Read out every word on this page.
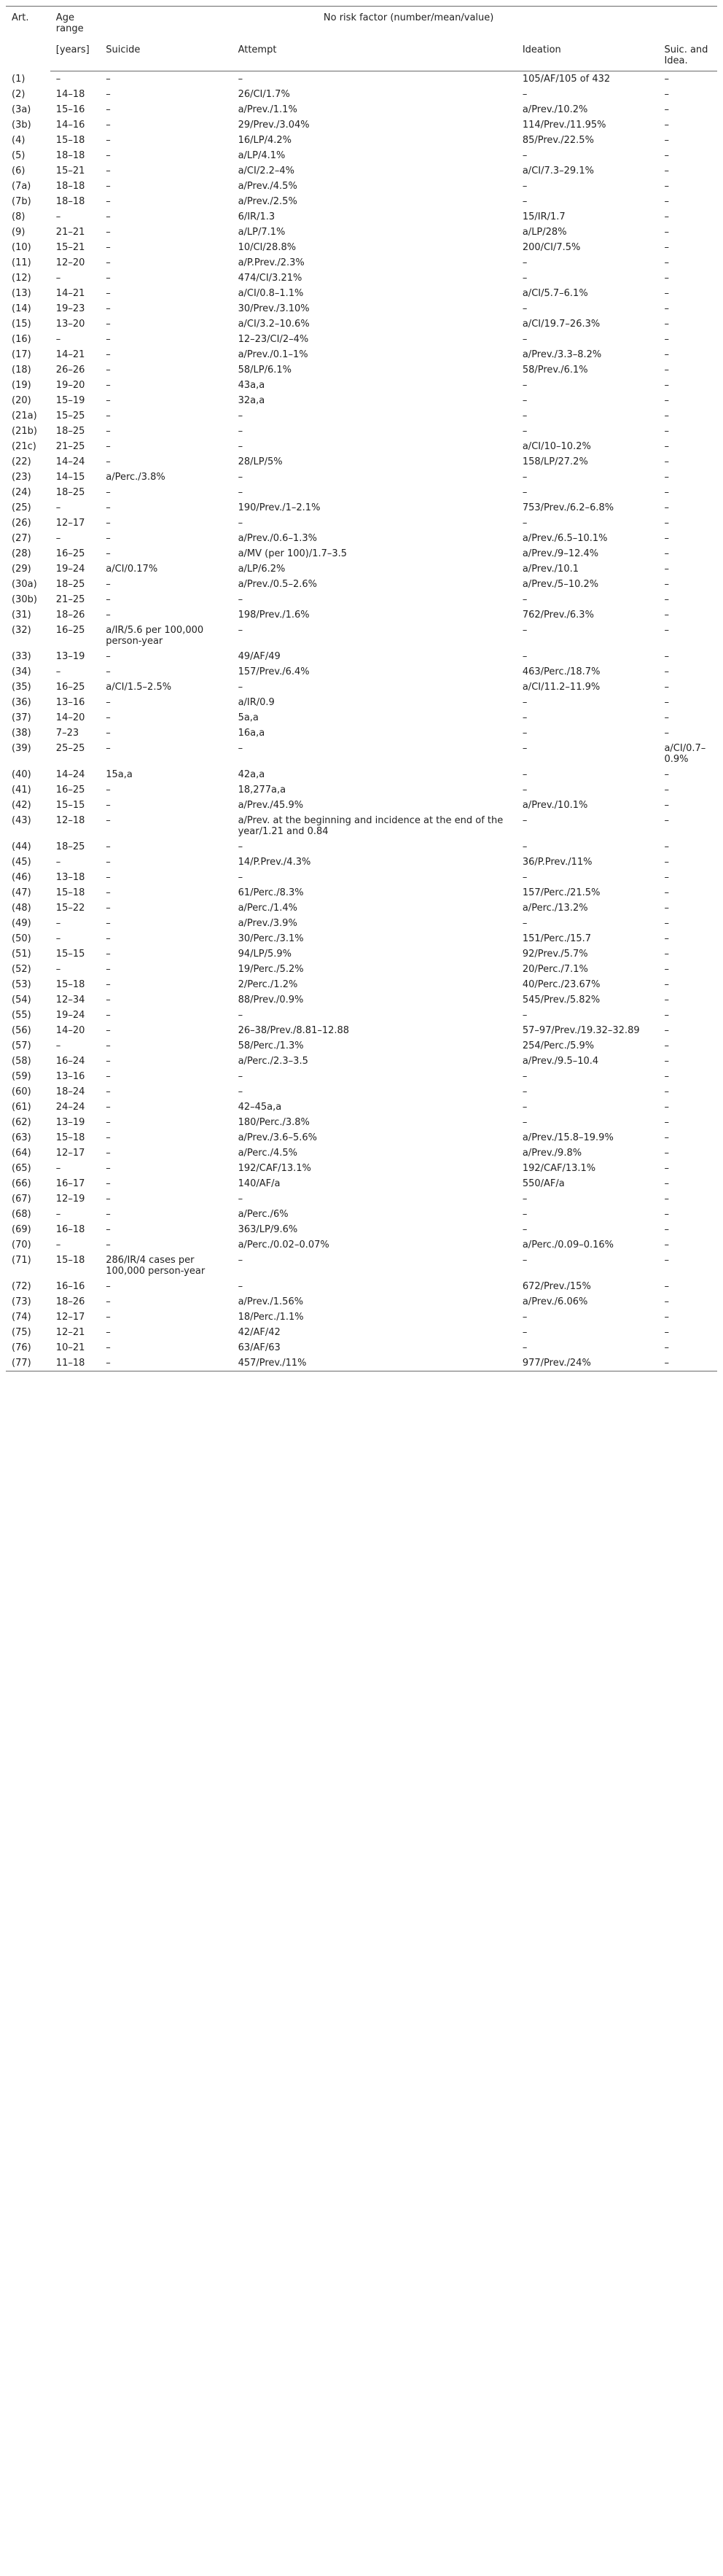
Art.	Age range	No risk factor (number/mean/value)			
	[years]	Suicide	Attempt	Ideation	Suic. and Idea.
(1)	–	–	–	105/AF/105 of 432	–
(2)	14–18	–	26/CI/1.7%	–	–
(3a)	15–16	–	a/Prev./1.1%	a/Prev./10.2%	–
(3b)	14–16	–	29/Prev./3.04%	114/Prev./11.95%	–
(4)	15–18	–	16/LP/4.2%	85/Prev./22.5%	–
(5)	18–18	–	a/LP/4.1%	–	–
(6)	15–21	–	a/CI/2.2–4%	a/CI/7.3–29.1%	–
(7a)	18–18	–	a/Prev./4.5%	–	–
(7b)	18–18	–	a/Prev./2.5%	–	–
(8)	–	–	6/IR/1.3	15/IR/1.7	–
(9)	21–21	–	a/LP/7.1%	a/LP/28%	–
(10)	15–21	–	10/CI/28.8%	200/CI/7.5%	–
(11)	12–20	–	a/P.Prev./2.3%	–	–
(12)	–	–	474/CI/3.21%	–	–
(13)	14–21	–	a/CI/0.8–1.1%	a/CI/5.7–6.1%	–
(14)	19–23	–	30/Prev./3.10%	–	–
(15)	13–20	–	a/CI/3.2–10.6%	a/CI/19.7–26.3%	–
(16)	–	–	12–23/CI/2–4%	–	–
(17)	14–21	–	a/Prev./0.1–1%	a/Prev./3.3–8.2%	–
(18)	26–26	–	58/LP/6.1%	58/Prev./6.1%	–
(19)	19–20	–	43a,a	–	–
(20)	15–19	–	32a,a	–	–
(21a)	15–25	–	–	–	–
(21b)	18–25	–	–	–	–
(21c)	21–25	–	–	a/CI/10–10.2%	–
(22)	14–24	–	28/LP/5%	158/LP/27.2%	–
(23)	14–15	a/Perc./3.8%	–	–	–
(24)	18–25	–	–	–	–
(25)	–	–	190/Prev./1–2.1%	753/Prev./6.2–6.8%	–
(26)	12–17	–	–	–	–
(27)	–	–	a/Prev./0.6–1.3%	a/Prev./6.5–10.1%	–
(28)	16–25	–	a/MV (per 100)/1.7–3.5	a/Prev./9–12.4%	–
(29)	19–24	a/CI/0.17%	a/LP/6.2%	a/Prev./10.1	–
(30a)	18–25	–	a/Prev./0.5–2.6%	a/Prev./5–10.2%	–
(30b)	21–25	–	–	–	–
(31)	18–26	–	198/Prev./1.6%	762/Prev./6.3%	–
(32)	16–25	a/IR/5.6 per 100,000 person-year	–	–	–
(33)	13–19	–	49/AF/49	–	–
(34)	–	–	157/Prev./6.4%	463/Perc./18.7%	–
(35)	16–25	a/CI/1.5–2.5%	–	a/CI/11.2–11.9%	–
(36)	13–16	–	a/IR/0.9	–	–
(37)	14–20	–	5a,a	–	–
(38)	7–23	–	16a,a	–	–
(39)	25–25	–	–	–	a/CI/0.7–0.9%
(40)	14–24	15a,a	42a,a	–	–
(41)	16–25	–	18,277a,a	–	–
(42)	15–15	–	a/Prev./45.9%	a/Prev./10.1%	–
(43)	12–18	–	a/Prev. at the beginning and incidence at the end of the year/1.21 and 0.84	–	–
(44)	18–25	–	–	–	–
(45)	–	–	14/P.Prev./4.3%	36/P.Prev./11%	–
(46)	13–18	–	–	–	–
(47)	15–18	–	61/Perc./8.3%	157/Perc./21.5%	–
(48)	15–22	–	a/Perc./1.4%	a/Perc./13.2%	–
(49)	–	–	a/Prev./3.9%	–	–
(50)	–	–	30/Perc./3.1%	151/Perc./15.7	–
(51)	15–15	–	94/LP/5.9%	92/Prev./5.7%	–
(52)	–	–	19/Perc./5.2%	20/Perc./7.1%	–
(53)	15–18	–	2/Perc./1.2%	40/Perc./23.67%	–
(54)	12–34	–	88/Prev./0.9%	545/Prev./5.82%	–
(55)	19–24	–	–	–	–
(56)	14–20	–	26–38/Prev./8.81–12.88	57–97/Prev./19.32–32.89	–
(57)	–	–	58/Perc./1.3%	254/Perc./5.9%	–
(58)	16–24	–	a/Perc./2.3–3.5	a/Prev./9.5–10.4	–
(59)	13–16	–	–	–	–
(60)	18–24	–	–	–	–
(61)	24–24	–	42–45a,a	–	–
(62)	13–19	–	180/Perc./3.8%	–	–
(63)	15–18	–	a/Prev./3.6–5.6%	a/Prev./15.8–19.9%	–
(64)	12–17	–	a/Perc./4.5%	a/Prev./9.8%	–
(65)	–	–	192/CAF/13.1%	192/CAF/13.1%	–
(66)	16–17	–	140/AF/a	550/AF/a	–
(67)	12–19	–	–	–	–
(68)	–	–	a/Perc./6%	–	–
(69)	16–18	–	363/LP/9.6%	–	–
(70)	–	–	a/Perc./0.02–0.07%	a/Perc./0.09–0.16%	–
(71)	15–18	286/IR/4 cases per 100,000 person-year	–	–	–
(72)	16–16	–	–	672/Prev./15%	–
(73)	18–26	–	a/Prev./1.56%	a/Prev./6.06%	–
(74)	12–17	–	18/Perc./1.1%	–	–
(75)	12–21	–	42/AF/42	–	–
(76)	10–21	–	63/AF/63	–	–
(77)	11–18	–	457/Prev./11%	977/Prev./24%	–
